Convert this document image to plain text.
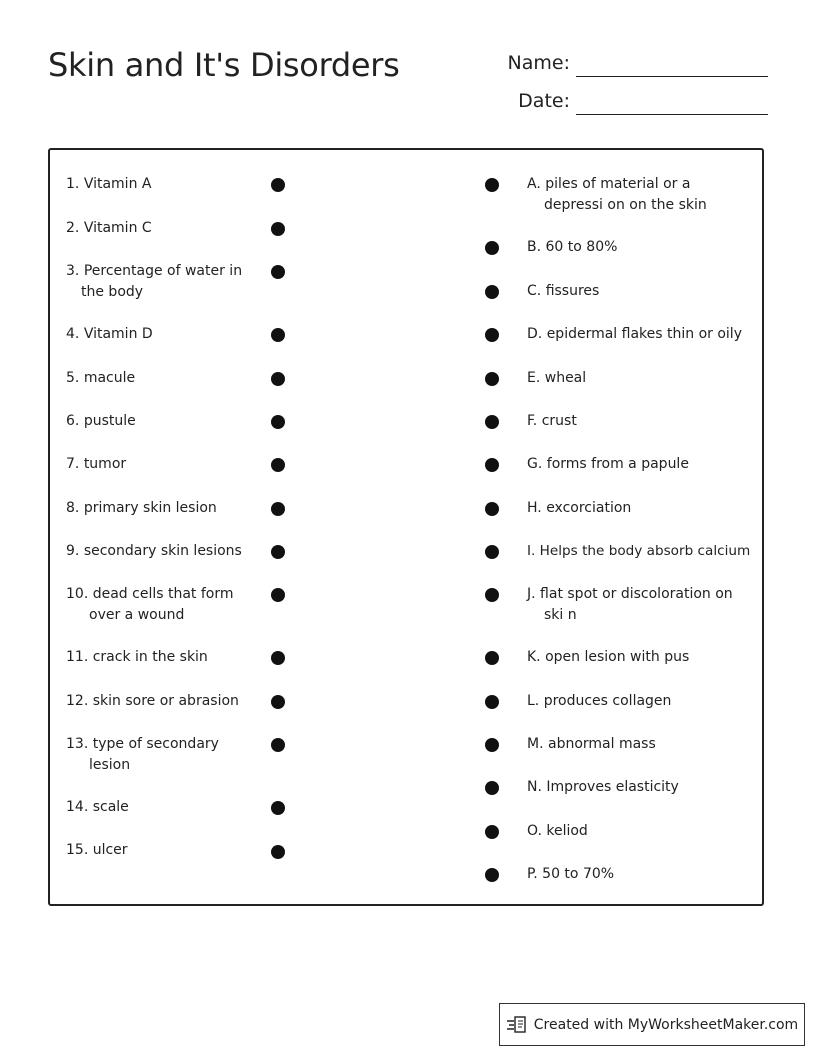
Skin and It's Disorders	Name:
Date:
1. Vitamin A
2. Vitamin C
3. Percentage of water in the body
4. Vitamin D
5. macule
6. pustule
7. tumor
8. primary skin lesion
9. secondary skin lesions
10. dead cells that form over a wound
11. crack in the skin
12. skin sore or abrasion
13. type of secondary lesion
14. scale
15. ulcer
A. piles of material or a depressi on on the skin
B. 60 to 80%
C. fissures
D. epidermal flakes thin or oily
E. wheal
F. crust
G. forms from a papule
H. excorciation
I. Helps the body absorb calcium
J. flat spot or discoloration on ski n
K. open lesion with pus
L. produces collagen
M. abnormal mass
N. Improves elasticity
O. keliod
P. 50 to 70%
Created with MyWorksheetMaker.com
